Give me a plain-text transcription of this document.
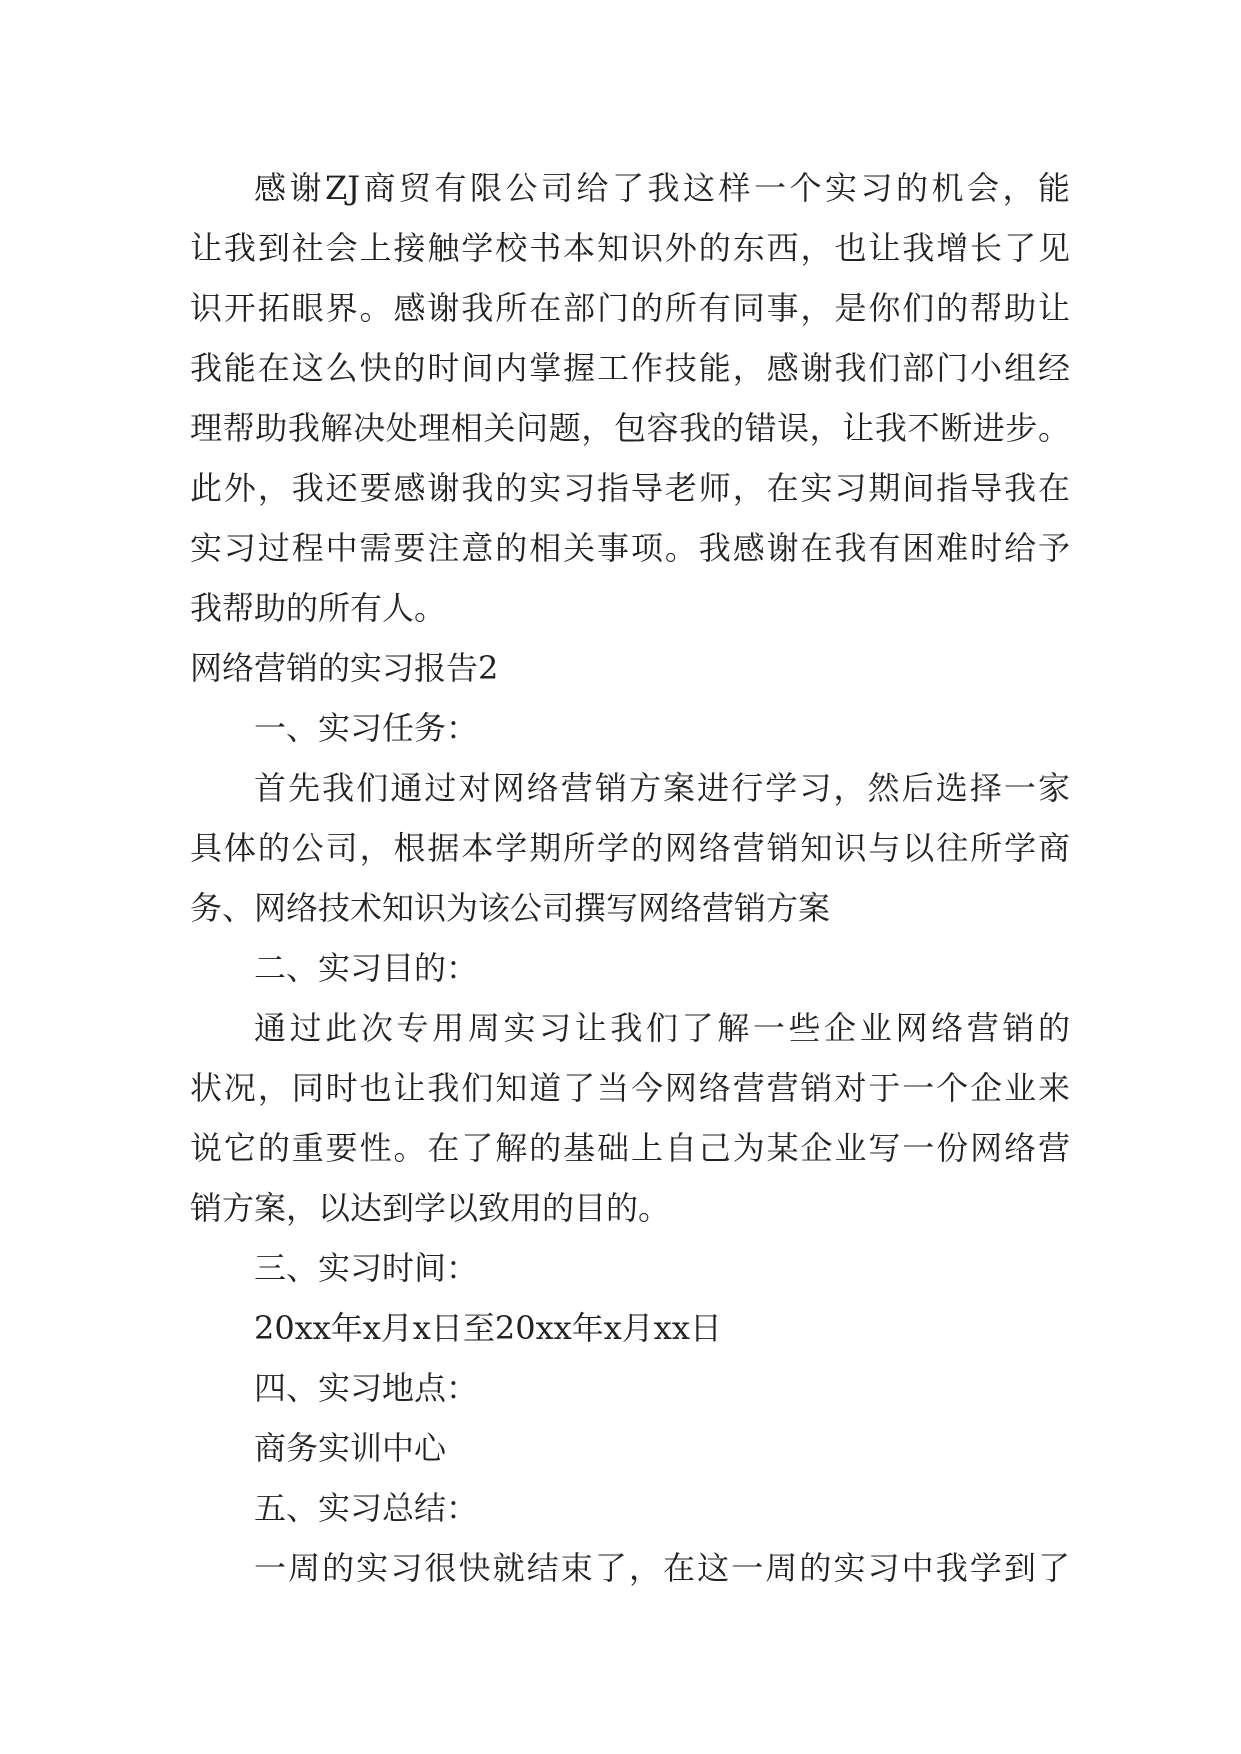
感谢ZJ商贸有限公司给了我这样一个实习的机会，能
让我到社会上接触学校书本知识外的东西，也让我增长了见
识开拓眼界。感谢我所在部门的所有同事，是你们的帮助让
我能在这么快的时间内掌握工作技能，感谢我们部门小组经
理帮助我解决处理相关问题，包容我的错误，让我不断进步。
此外，我还要感谢我的实习指导老师，在实习期间指导我在
实习过程中需要注意的相关事项。我感谢在我有困难时给予
我帮助的所有人。
网络营销的实习报告2
一、实习任务：
首先我们通过对网络营销方案进行学习，然后选择一家
具体的公司，根据本学期所学的网络营销知识与以往所学商
务、网络技术知识为该公司撰写网络营销方案
二、实习目的：
通过此次专用周实习让我们了解一些企业网络营销的
状况，同时也让我们知道了当今网络营营销对于一个企业来
说它的重要性。在了解的基础上自己为某企业写一份网络营
销方案，以达到学以致用的目的。
三、实习时间：
20xx年x月x日至20xx年x月xx日
四、实习地点：
商务实训中心
五、实习总结：
一周的实习很快就结束了，在这一周的实习中我学到了
